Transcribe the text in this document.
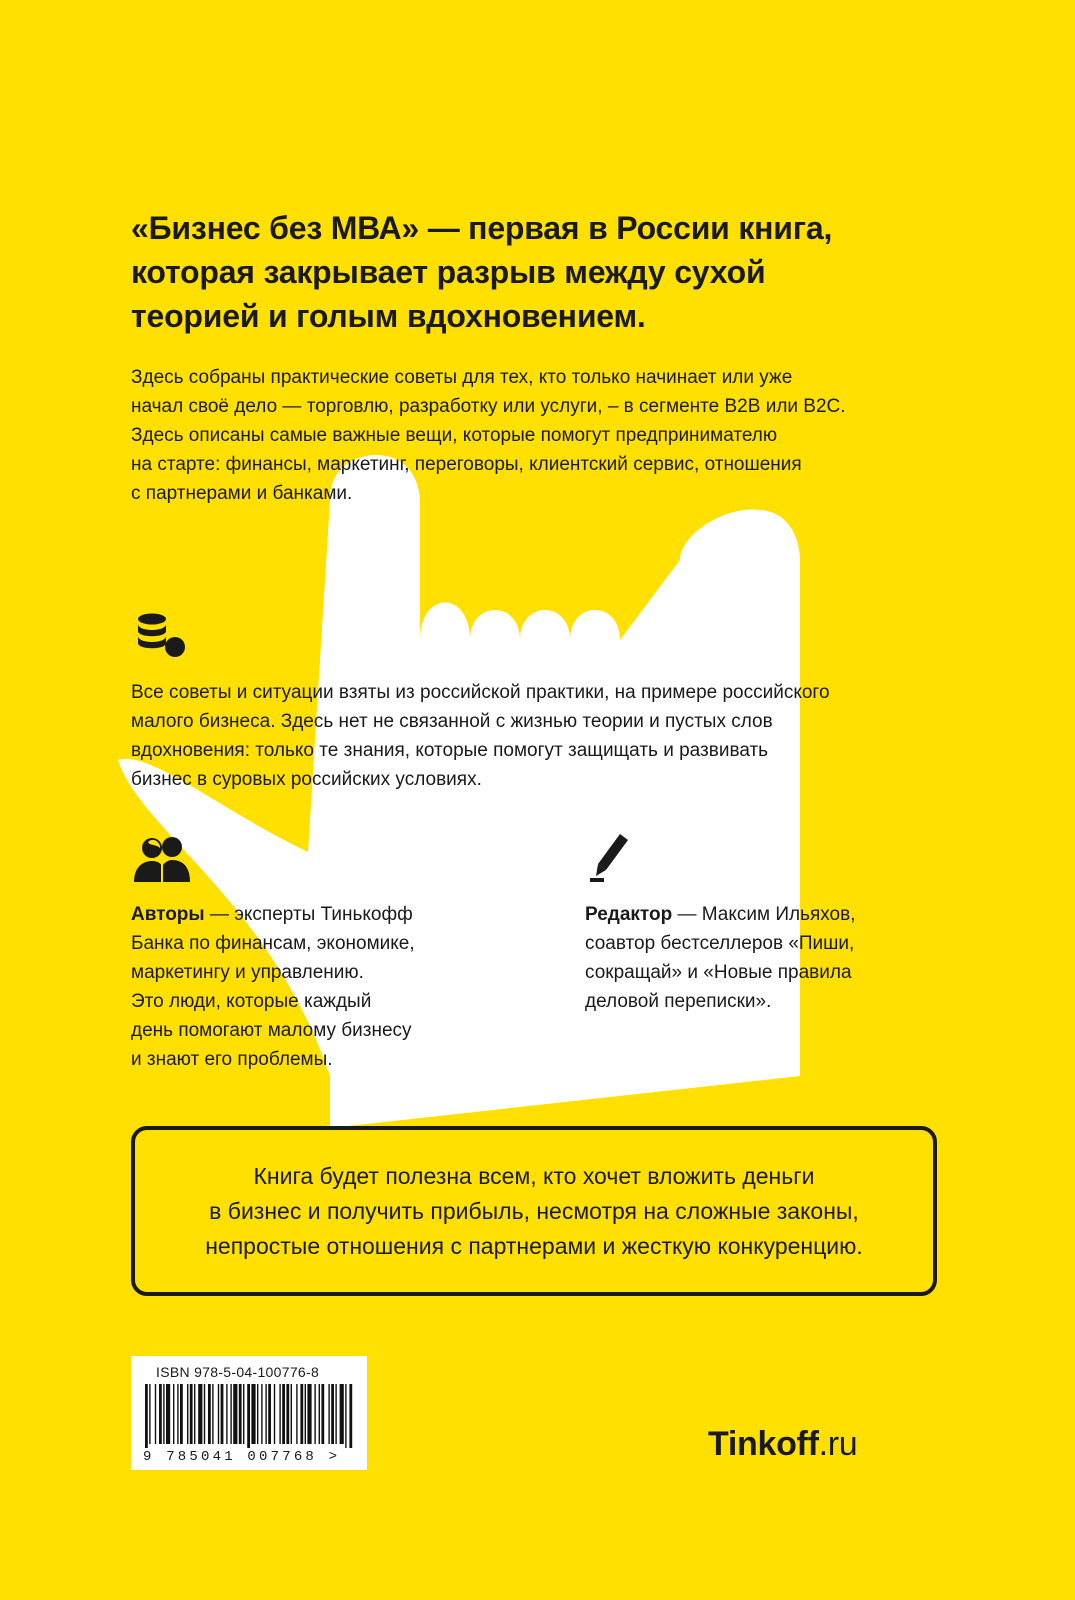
«Бизнес без МВА» — первая в России книга,
которая закрывает разрыв между сухой
теорией и голым вдохновением.
Здесь собраны практические советы для тех, кто только начинает или уже
начал своё дело — торговлю, разработку или услуги, – в сегменте B2B или B2C.
Здесь описаны самые важные вещи, которые помогут предпринимателю
на старте: финансы, маркетинг, переговоры, клиентский сервис, отношения
с партнерами и банками.
Все советы и ситуации взяты из российской практики, на примере российского
малого бизнеса. Здесь нет не связанной с жизнью теории и пустых слов
вдохновения: только те знания, которые помогут защищать и развивать
бизнес в суровых российских условиях.
Авторы — эксперты Тинькофф
Банка по финансам, экономике,
маркетингу и управлению.
Это люди, которые каждый
день помогают малому бизнесу
и знают его проблемы.
Редактор — Максим Ильяхов,
соавтор бестселлеров «Пиши,
сокращай» и «Новые правила
деловой переписки».
Книга будет полезна всем, кто хочет вложить деньги
в бизнес и получить прибыль, несмотря на сложные законы,
непростые отношения с партнерами и жесткую конкуренцию.
ISBN 978-5-04-100776-8
9 785041 007768 >	Tinkoff.ru
